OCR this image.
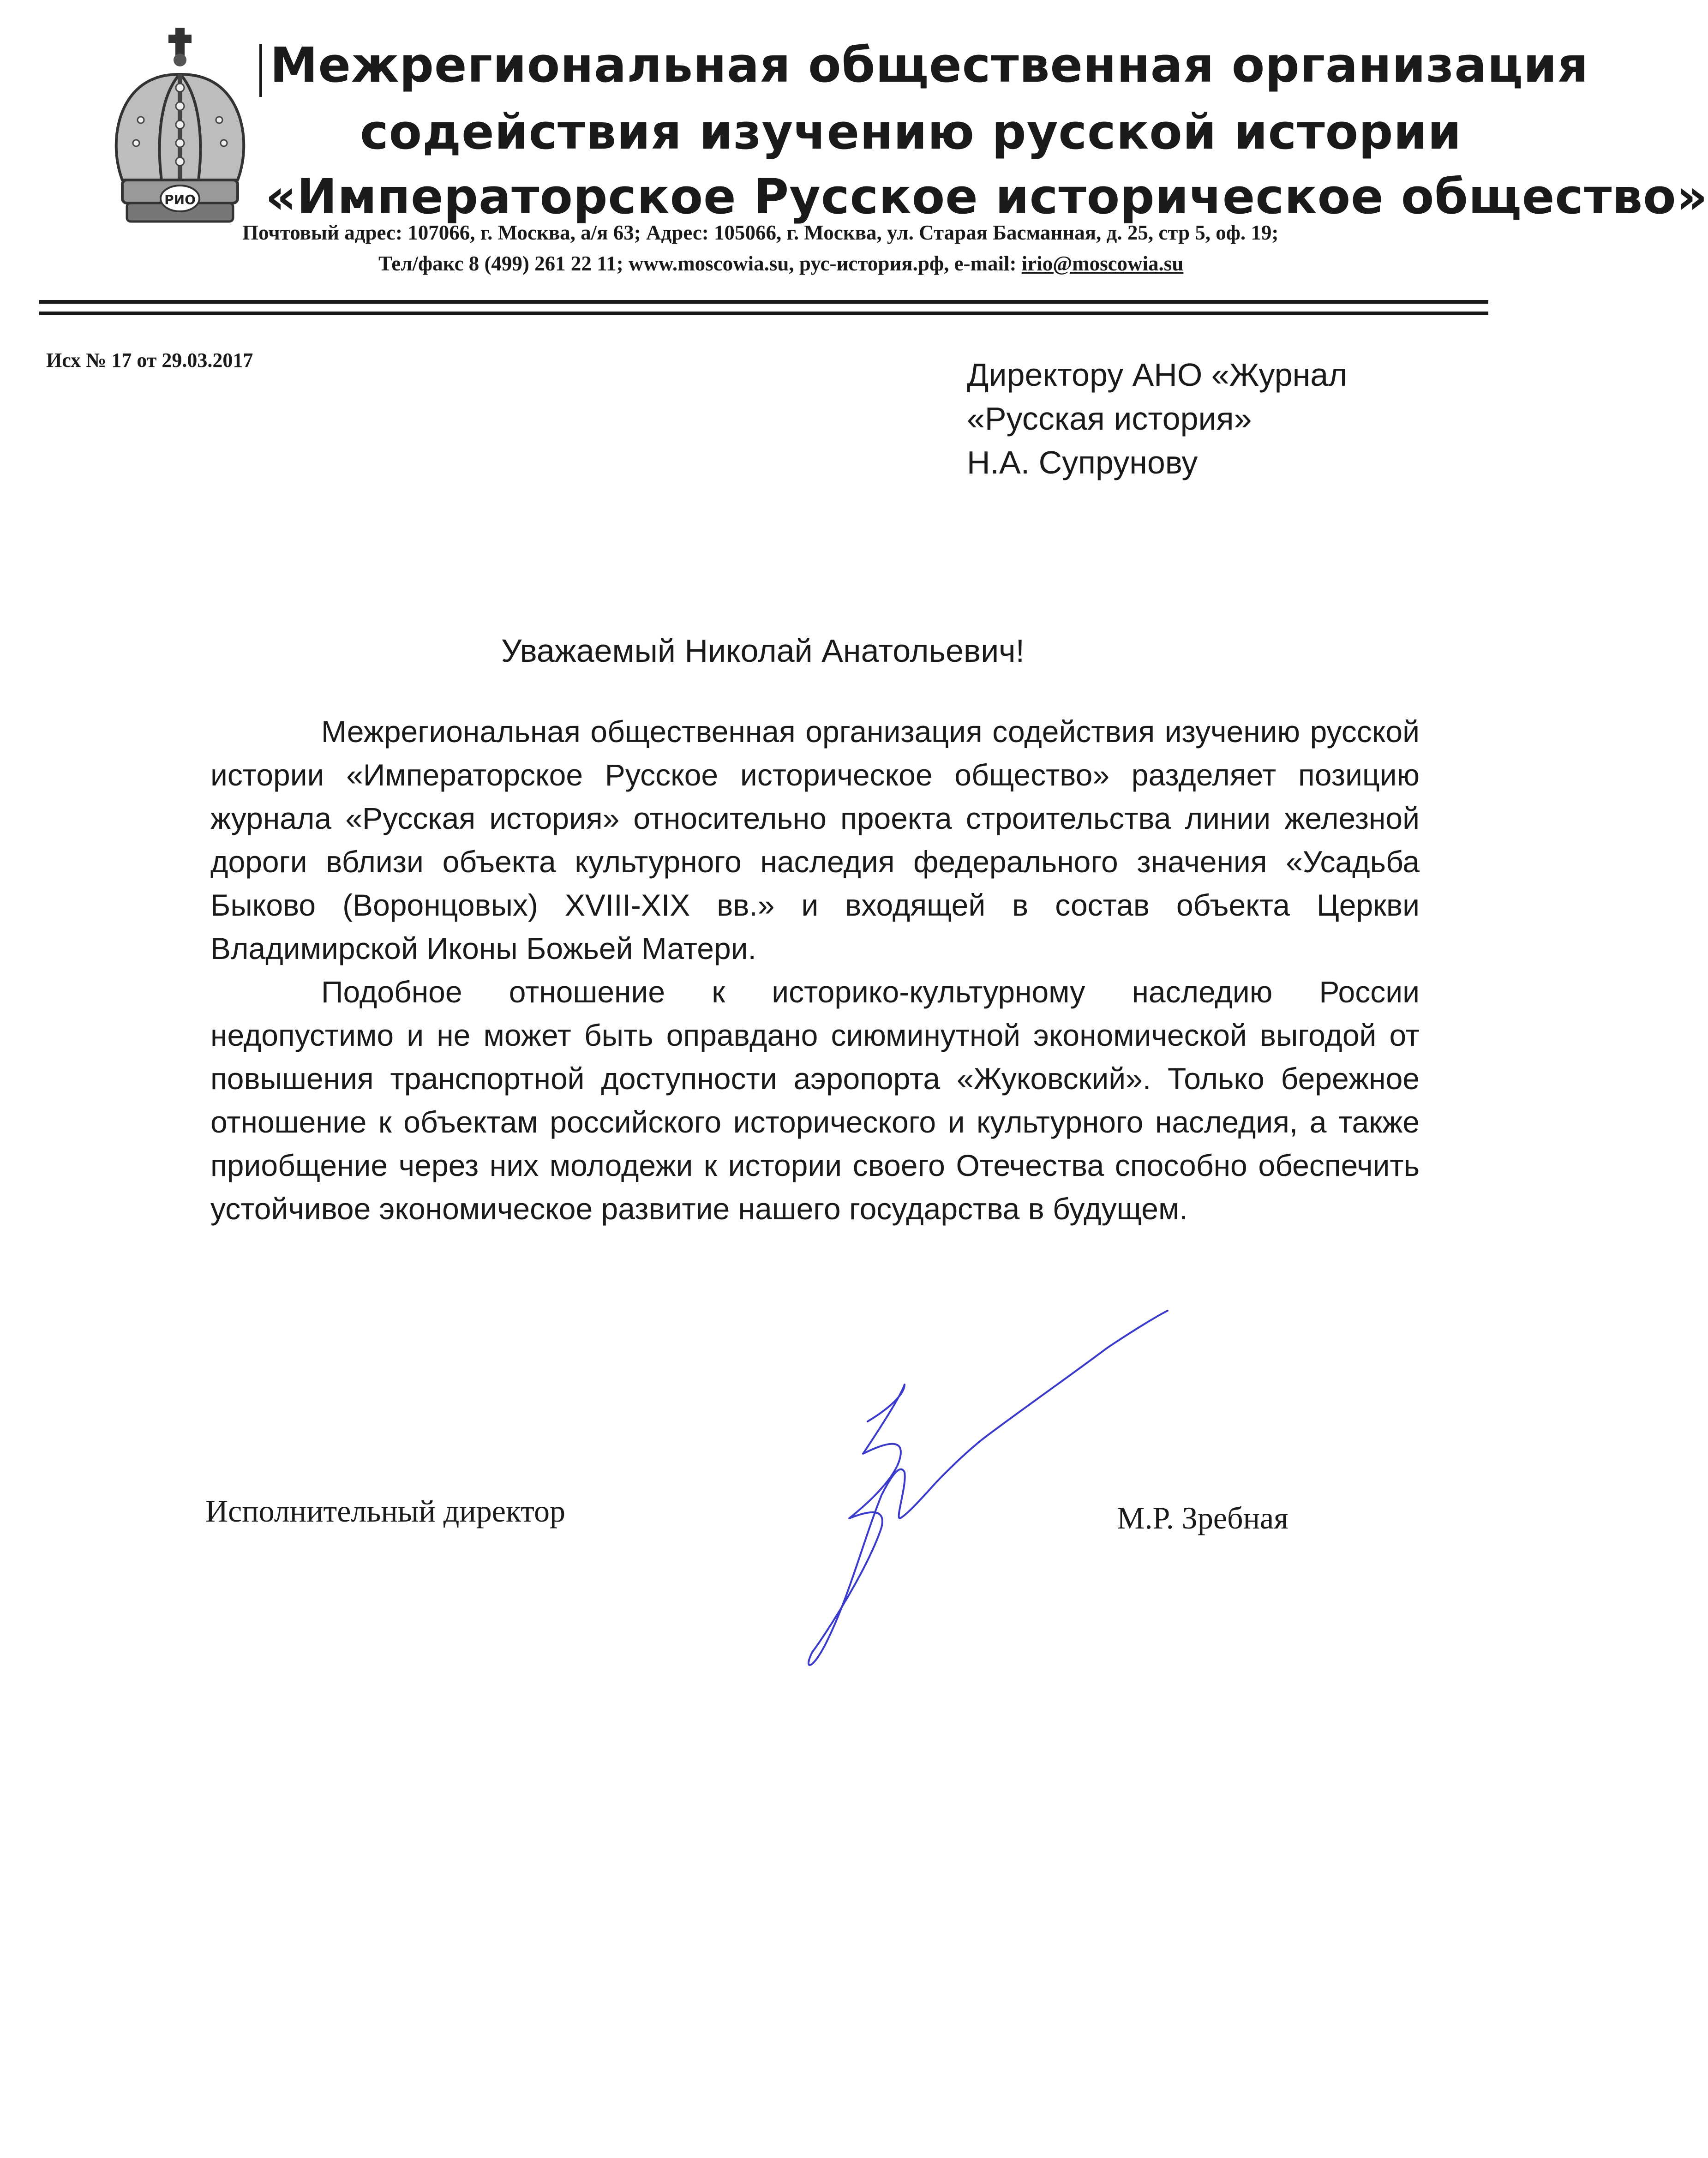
РИО
Межрегиональная общественная организация
содействия изучению русской истории
«Императорское Русское историческое общество»
Почтовый адрес: 107066, г. Москва, а/я 63; Адрес: 105066, г. Москва, ул. Старая Басманная, д. 25, стр 5, оф. 19;
Тел/факс 8 (499) 261 22 11; www.moscowia.su, рус-история.рф, e-mail: irio@moscowia.su
Исх № 17 от 29.03.2017	Директору АНО «Журнал
«Русская история»
Н.А. Супрунову
Уважаемый Николай Анатольевич!

Межрегиональная общественная организация содействия изучению русской истории «Императорское Русское историческое общество» разделяет позицию журнала «Русская история» относительно проекта строительства линии железной дороги вблизи объекта культурного наследия федерального значения «Усадьба Быково (Воронцовых) XVIII-XIX вв.» и входящей в состав объекта Церкви Владимирской Иконы Божьей Матери.

Подобное отношение к историко-культурному наследию России недопустимо и не может быть оправдано сиюминутной экономической выгодой от повышения транспортной доступности аэропорта «Жуковский». Только бережное отношение к объектам российского исторического и культурного наследия, а также приобщение через них молодежи к истории своего Отечества способно обеспечить устойчивое экономическое развитие нашего государства в будущем.

Исполнительный директор	М.Р. Зребная
